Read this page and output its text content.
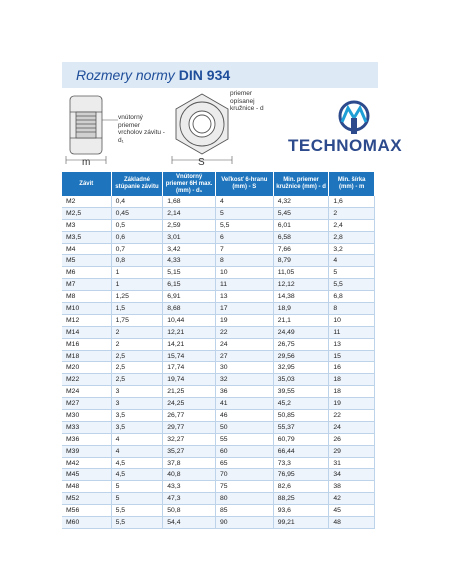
Rozmery normy DIN 934
vnútorný priemer vrcholov závitu - d₁
priemer opísanej kružnice - d
m	S
TECHNOMAX
Závit	Základné stúpanie závitu	Vnútorný priemer 6H max. (mm) - d₁	Veľkosť 6-hranu (mm) - S	Min. priemer kružnice (mm) - d	Min. šírka (mm) - m
M2	0,4	1,68	4	4,32	1,6
M2,5	0,45	2,14	5	5,45	2
M3	0,5	2,59	5,5	6,01	2,4
M3,5	0,6	3,01	6	6,58	2,8
M4	0,7	3,42	7	7,66	3,2
M5	0,8	4,33	8	8,79	4
M6	1	5,15	10	11,05	5
M7	1	6,15	11	12,12	5,5
M8	1,25	6,91	13	14,38	6,8
M10	1,5	8,68	17	18,9	8
M12	1,75	10,44	19	21,1	10
M14	2	12,21	22	24,49	11
M16	2	14,21	24	26,75	13
M18	2,5	15,74	27	29,56	15
M20	2,5	17,74	30	32,95	16
M22	2,5	19,74	32	35,03	18
M24	3	21,25	36	39,55	18
M27	3	24,25	41	45,2	19
M30	3,5	26,77	46	50,85	22
M33	3,5	29,77	50	55,37	24
M36	4	32,27	55	60,79	26
M39	4	35,27	60	66,44	29
M42	4,5	37,8	65	73,3	31
M45	4,5	40,8	70	76,95	34
M48	5	43,3	75	82,6	38
M52	5	47,3	80	88,25	42
M56	5,5	50,8	85	93,6	45
M60	5,5	54,4	90	99,21	48
